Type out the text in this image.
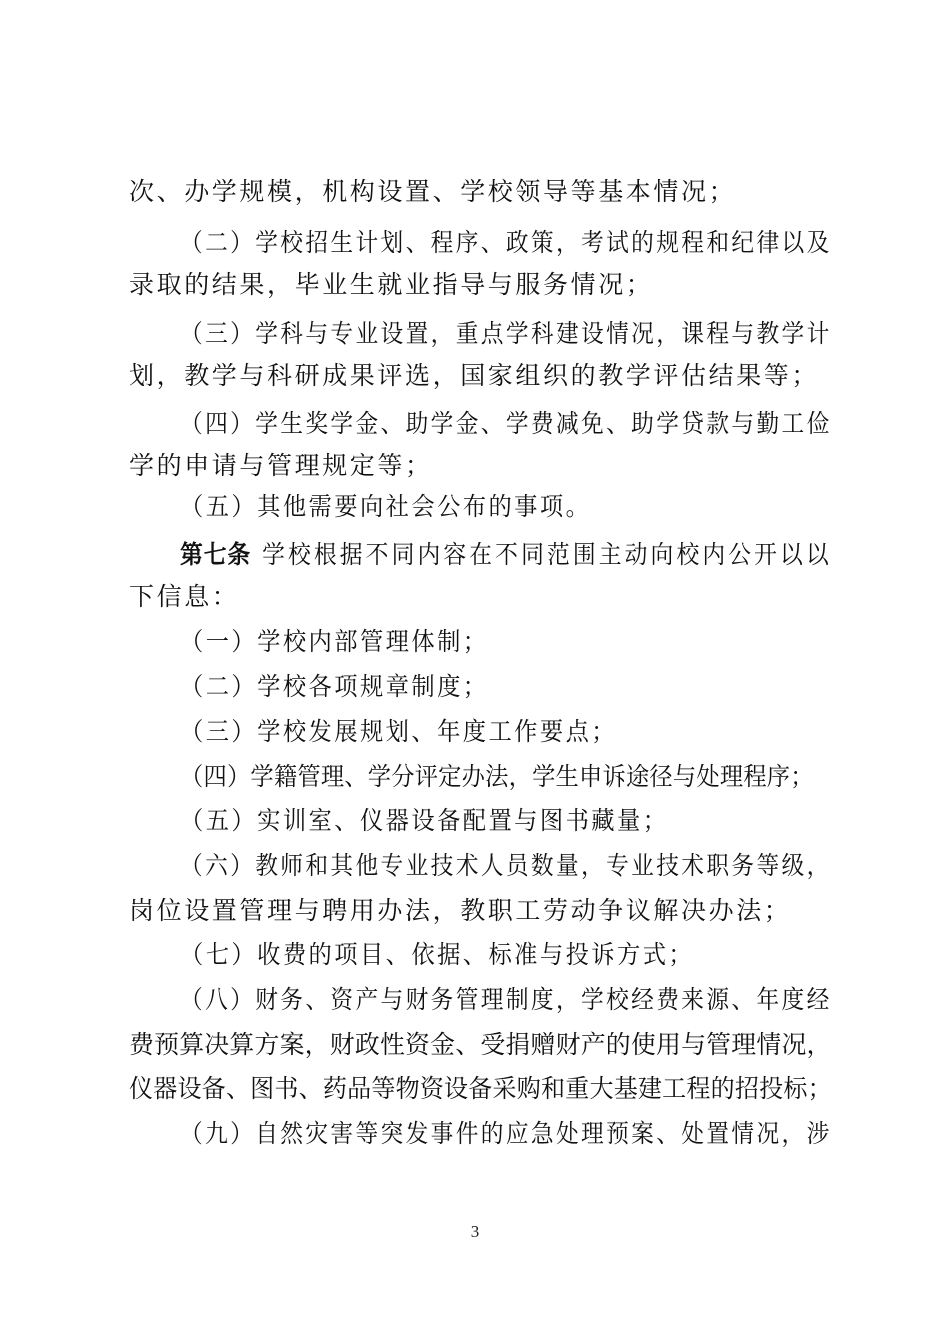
次、办学规模，机构设置、学校领导等基本情况；
（二）学校招生计划、程序、政策，考试的规程和纪律以及
录取的结果，毕业生就业指导与服务情况；
（三）学科与专业设置，重点学科建设情况，课程与教学计
划，教学与科研成果评选，国家组织的教学评估结果等；
（四）学生奖学金、助学金、学费减免、助学贷款与勤工俭
学的申请与管理规定等；
（五）其他需要向社会公布的事项。
第七条 学校根据不同内容在不同范围主动向校内公开以以
下信息：
（一）学校内部管理体制；
（二）学校各项规章制度；
（三）学校发展规划、年度工作要点；
（四）学籍管理、学分评定办法，学生申诉途径与处理程序；
（五）实训室、仪器设备配置与图书藏量；
（六）教师和其他专业技术人员数量，专业技术职务等级，
岗位设置管理与聘用办法，教职工劳动争议解决办法；
（七）收费的项目、依据、标准与投诉方式；
（八）财务、资产与财务管理制度，学校经费来源、年度经
费预算决算方案，财政性资金、受捐赠财产的使用与管理情况，
仪器设备、图书、药品等物资设备采购和重大基建工程的招投标；
（九）自然灾害等突发事件的应急处理预案、处置情况，涉
3
